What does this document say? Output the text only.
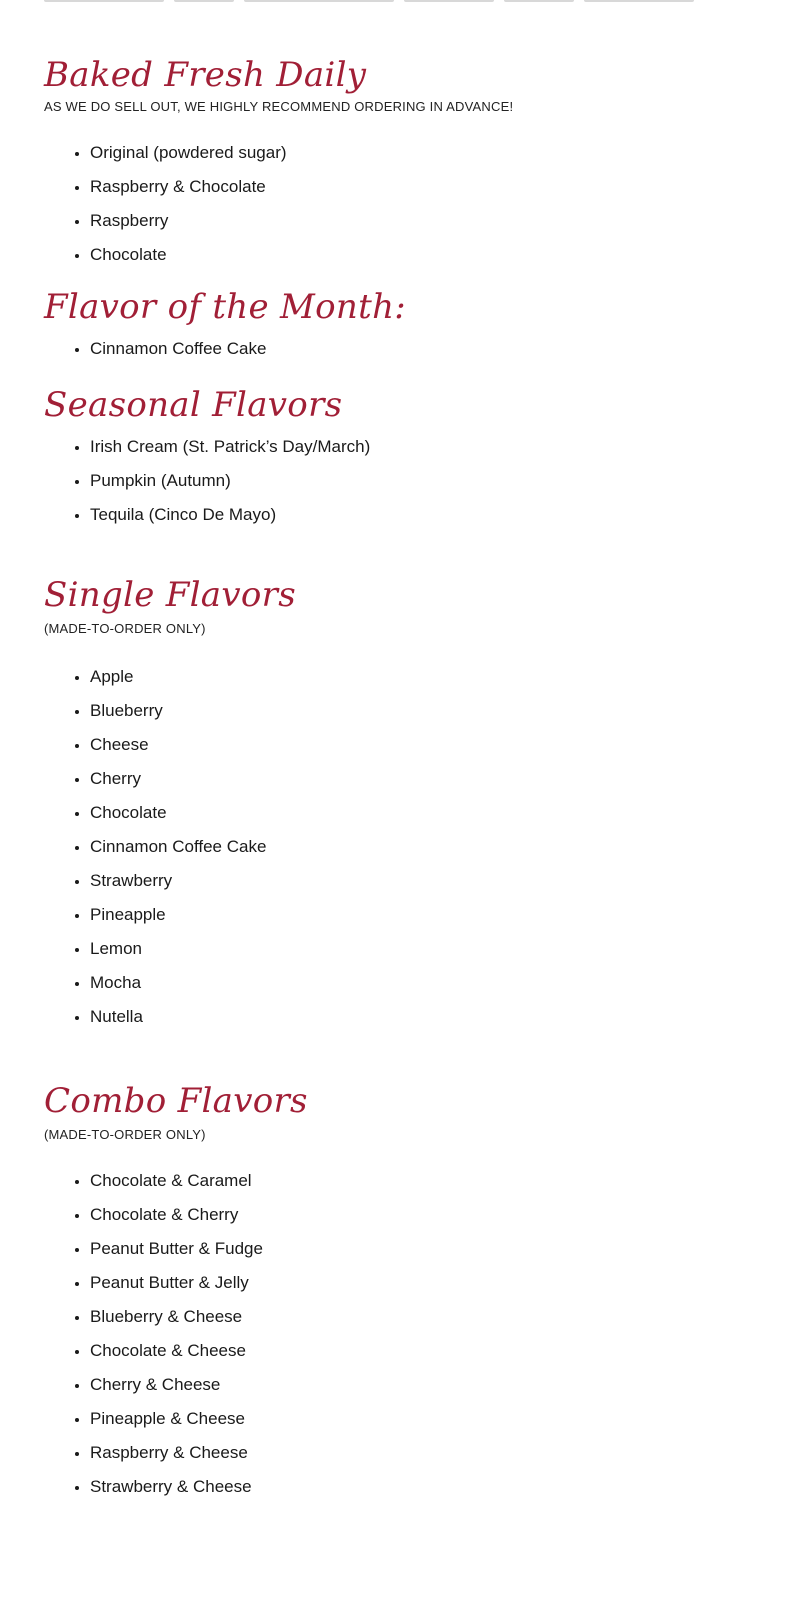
Baked Fresh Daily

AS WE DO SELL OUT, WE HIGHLY RECOMMEND ORDERING IN ADVANCE!

• Original (powdered sugar)
• Raspberry & Chocolate
• Raspberry
• Chocolate
Flavor of the Month:
• Cinnamon Coffee Cake
Seasonal Flavors
• Irish Cream (St. Patrick’s Day/March)
• Pumpkin (Autumn)
• Tequila (Cinco De Mayo)
Single Flavors

(MADE-TO-ORDER ONLY)

• Apple
• Blueberry
• Cheese
• Cherry
• Chocolate
• Cinnamon Coffee Cake
• Strawberry
• Pineapple
• Lemon
• Mocha
• Nutella
Combo Flavors

(MADE-TO-ORDER ONLY)

• Chocolate & Caramel
• Chocolate & Cherry
• Peanut Butter & Fudge
• Peanut Butter & Jelly
• Blueberry & Cheese
• Chocolate & Cheese
• Cherry & Cheese
• Pineapple & Cheese
• Raspberry & Cheese
• Strawberry & Cheese
